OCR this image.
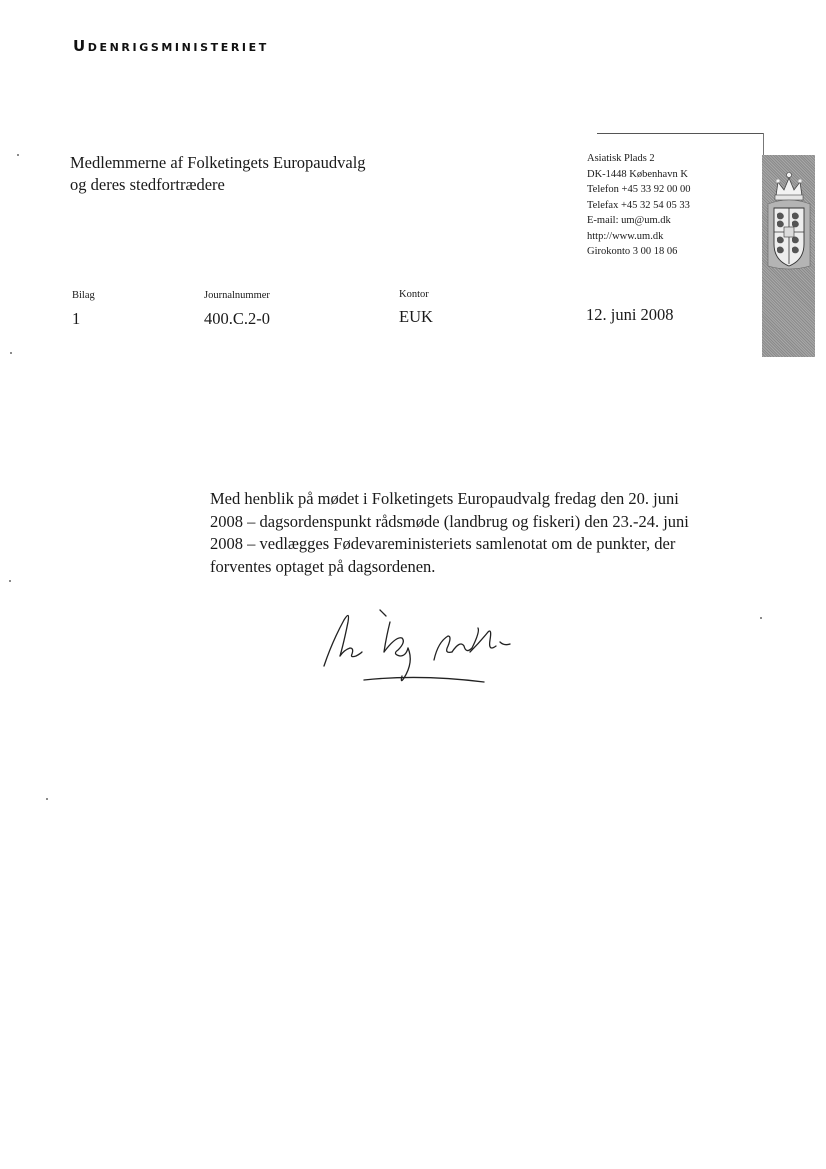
Udenrigsministeriet
Medlemmerne af Folketingets Europaudvalg
og deres stedfortrædere
Asiatisk Plads 2
DK-1448 København K
Telefon +45 33 92 00 00
Telefax +45 32 54 05 33
E-mail: um@um.dk
http://www.um.dk
Girokonto 3 00 18 06
Bilag
1
Journalnummer
400.C.2-0
Kontor
EUK	12. juni 2008
Med henblik på mødet i Folketingets Europaudvalg fredag den 20. juni
2008 – dagsordenspunkt rådsmøde (landbrug og fiskeri) den 23.-24. juni
2008 – vedlægges Fødevareministeriets samlenotat om de punkter, der
forventes optaget på dagsordenen.
